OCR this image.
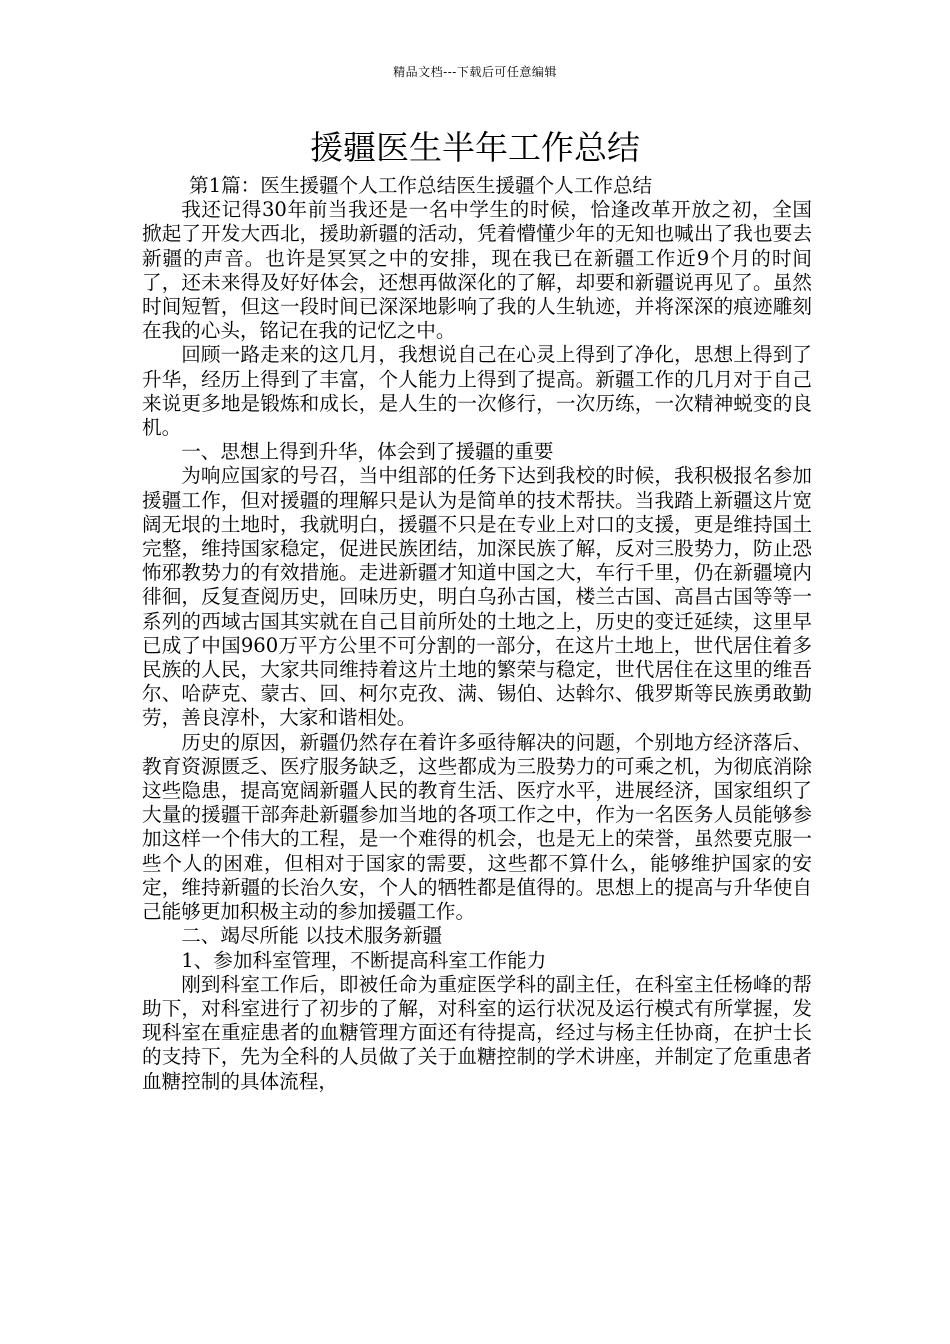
精品文档---下载后可任意编辑
援疆医生半年工作总结

第1篇：医生援疆个人工作总结医生援疆个人工作总结

我还记得30年前当我还是一名中学生的时候，恰逢改革开放之初，全国掀起了开发大西北，援助新疆的活动，凭着懵懂少年的无知也喊出了我也要去新疆的声音。也许是冥冥之中的安排，现在我已在新疆工作近9个月的时间了，还未来得及好好体会，还想再做深化的了解，却要和新疆说再见了。虽然时间短暂，但这一段时间已深深地影响了我的人生轨迹，并将深深的痕迹雕刻在我的心头，铭记在我的记忆之中。

回顾一路走来的这几月，我想说自己在心灵上得到了净化，思想上得到了升华，经历上得到了丰富，个人能力上得到了提高。新疆工作的几月对于自己来说更多地是锻炼和成长，是人生的一次修行，一次历练，一次精神蜕变的良机。

一、思想上得到升华，体会到了援疆的重要

为响应国家的号召，当中组部的任务下达到我校的时候，我积极报名参加援疆工作，但对援疆的理解只是认为是简单的技术帮扶。当我踏上新疆这片宽阔无垠的土地时，我就明白，援疆不只是在专业上对口的支援，更是维持国土完整，维持国家稳定，促进民族团结，加深民族了解，反对三股势力，防止恐怖邪教势力的有效措施。走进新疆才知道中国之大，车行千里，仍在新疆境内徘徊，反复查阅历史，回味历史，明白乌孙古国，楼兰古国、高昌古国等等一系列的西域古国其实就在自己目前所处的土地之上，历史的变迁延续，这里早已成了中国960万平方公里不可分割的一部分，在这片土地上，世代居住着多民族的人民，大家共同维持着这片土地的繁荣与稳定，世代居住在这里的维吾尔、哈萨克、蒙古、回、柯尔克孜、满、锡伯、达斡尔、俄罗斯等民族勇敢勤劳，善良淳朴，大家和谐相处。

历史的原因，新疆仍然存在着许多亟待解决的问题，个别地方经济落后、教育资源匮乏、医疗服务缺乏，这些都成为三股势力的可乘之机，为彻底消除这些隐患，提高宽阔新疆人民的教育生活、医疗水平，进展经济，国家组织了大量的援疆干部奔赴新疆参加当地的各项工作之中，作为一名医务人员能够参加这样一个伟大的工程，是一个难得的机会，也是无上的荣誉，虽然要克服一些个人的困难，但相对于国家的需要，这些都不算什么，能够维护国家的安定，维持新疆的长治久安，个人的牺牲都是值得的。思想上的提高与升华使自己能够更加积极主动的参加援疆工作。

二、竭尽所能 以技术服务新疆

1、参加科室管理，不断提高科室工作能力

刚到科室工作后，即被任命为重症医学科的副主任，在科室主任杨峰的帮助下，对科室进行了初步的了解，对科室的运行状况及运行模式有所掌握，发现科室在重症患者的血糖管理方面还有待提高，经过与杨主任协商，在护士长的支持下，先为全科的人员做了关于血糖控制的学术讲座，并制定了危重患者血糖控制的具体流程，
